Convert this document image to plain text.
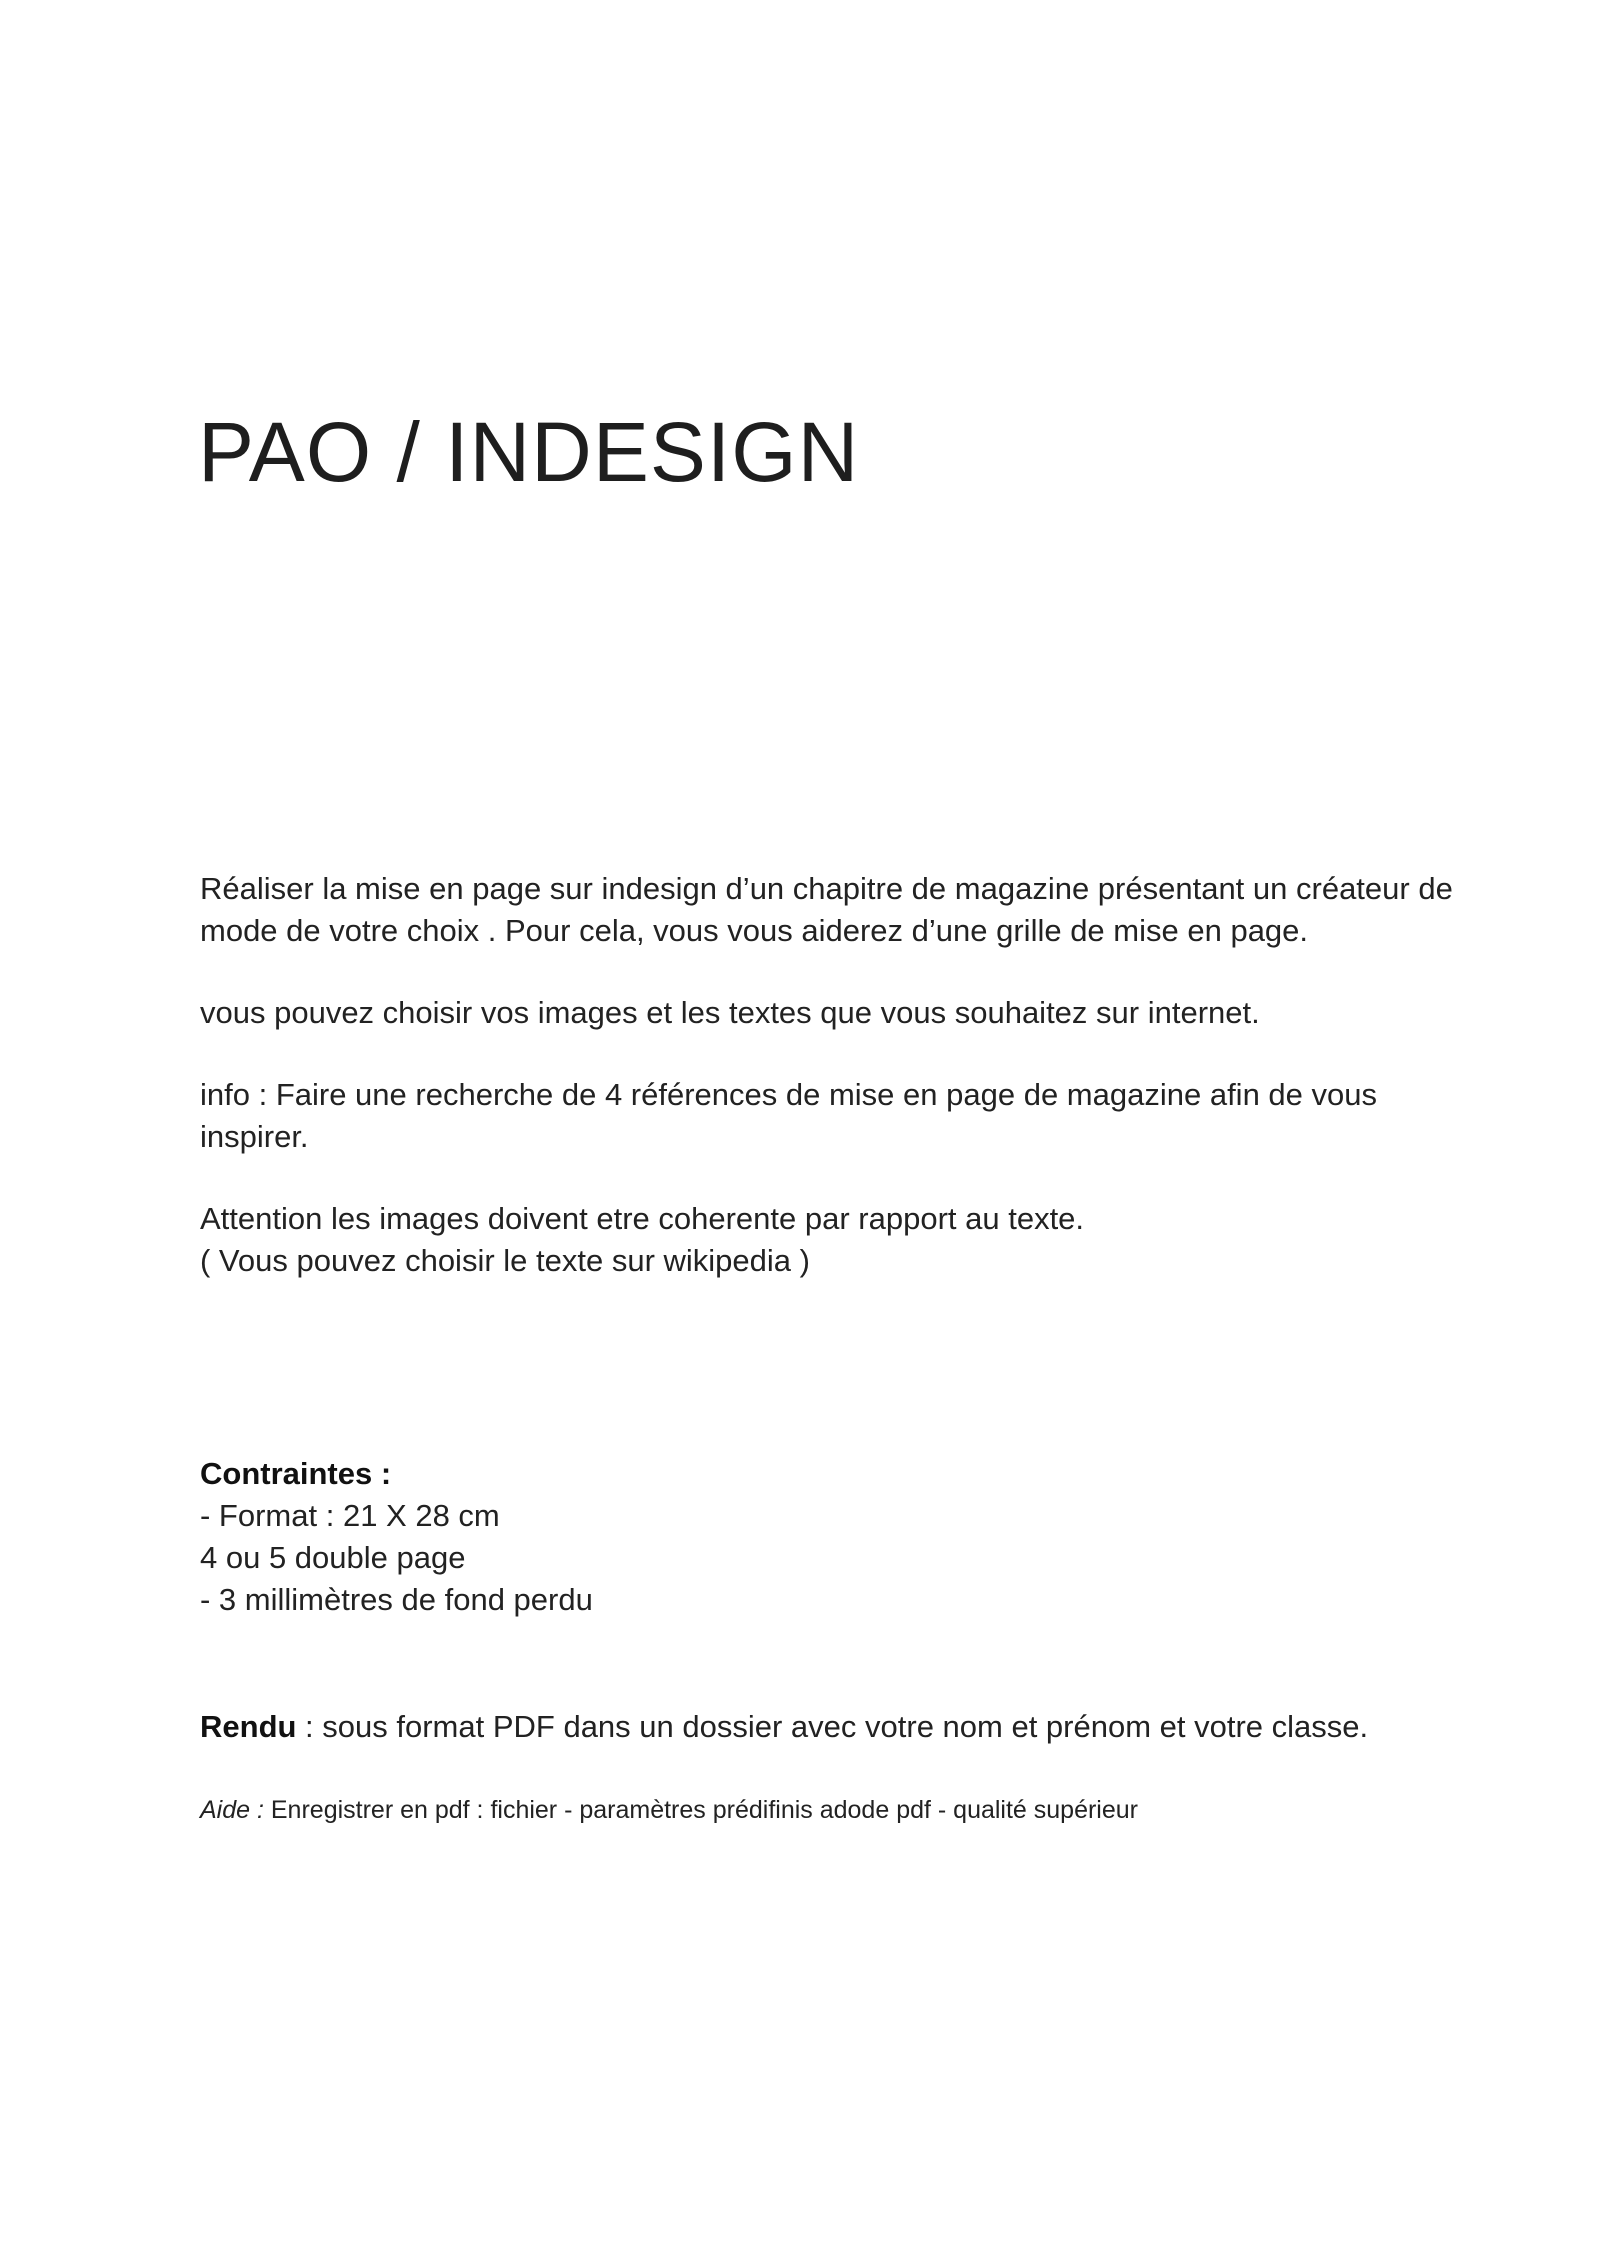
PAO / INDESIGN

Réaliser la mise en page sur indesign d’un chapitre de magazine présentant un créateur de mode de votre choix . Pour cela, vous vous aiderez d’une grille de mise en page.

vous pouvez choisir vos images et les textes que vous souhaitez sur internet.

info : Faire une recherche de 4 références de mise en page de magazine afin de vous inspirer.

Attention les images doivent etre coherente par rapport au texte.

( Vous pouvez choisir le texte sur wikipedia )

Contraintes :
- Format : 21 X 28 cm
4 ou 5 double page
- 3 millimètres de fond perdu
Rendu : sous format PDF dans un dossier avec votre nom et prénom et votre classe.
Aide : Enregistrer en pdf : fichier - paramètres prédifinis adode pdf - qualité supérieur
